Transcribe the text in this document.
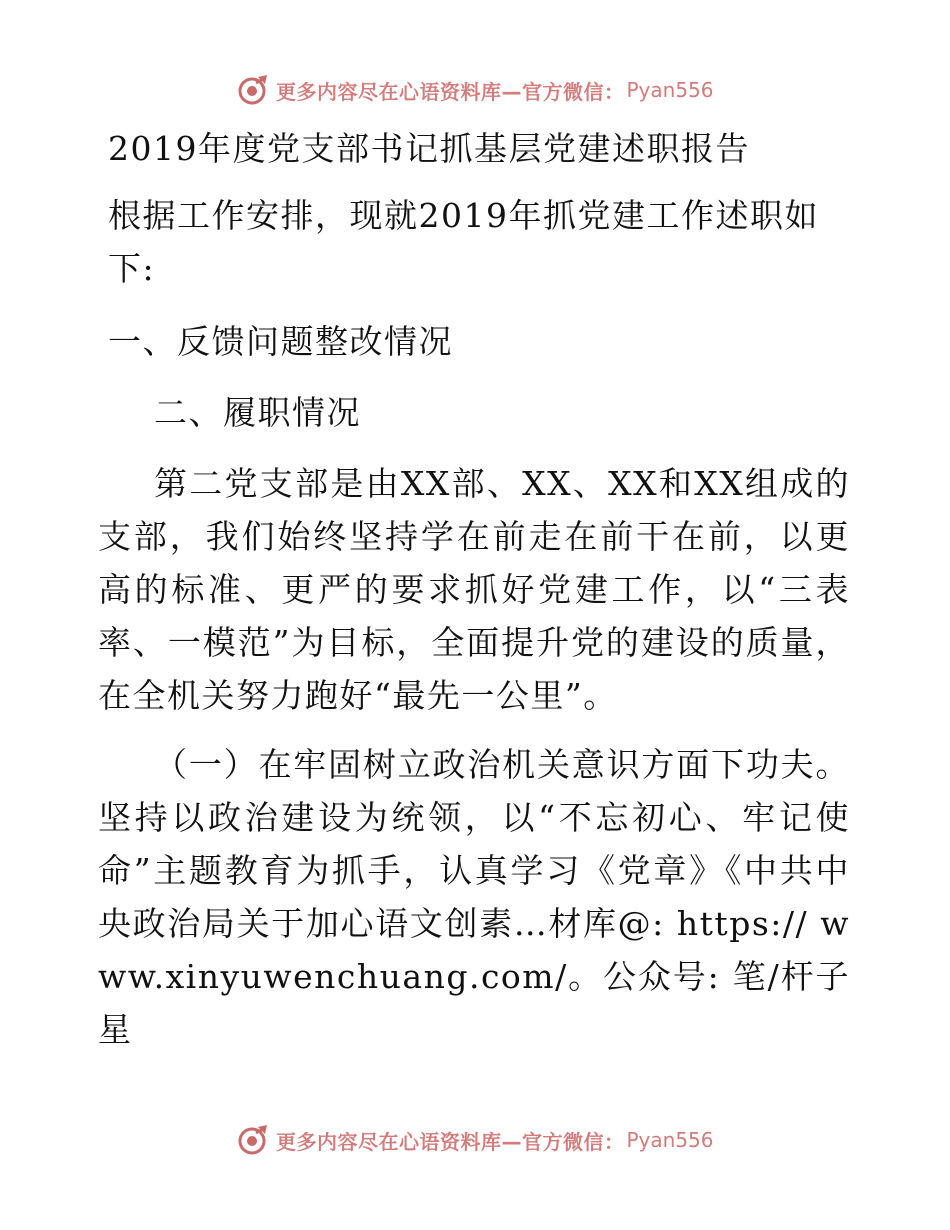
更多内容尽在心语资料库—官方微信： Pyan556

2019年度党支部书记抓基层党建述职报告

根据工作安排，现就2019年抓党建工作述职如下:

一、反馈问题整改情况

二、履职情况

第二党支部是由XX部、XX、XX和XX组成的支部，我们始终坚持学在前走在前干在前，以更高的标准、更严的要求抓好党建工作，以“三表率、一模范”为目标，全面提升党的建设的质量，在全机关努力跑好“最先一公里”。

（一）在牢固树立政治机关意识方面下功夫。坚持以政治建设为统领，以“不忘初心、牢记使命”主题教育为抓手，认真学习《党章》《中共中央政治局关于加心语文创素…材库@: https:// www.xinyuwenchuang.com/。公众号: 笔/杆子星

更多内容尽在心语资料库—官方微信： Pyan556
